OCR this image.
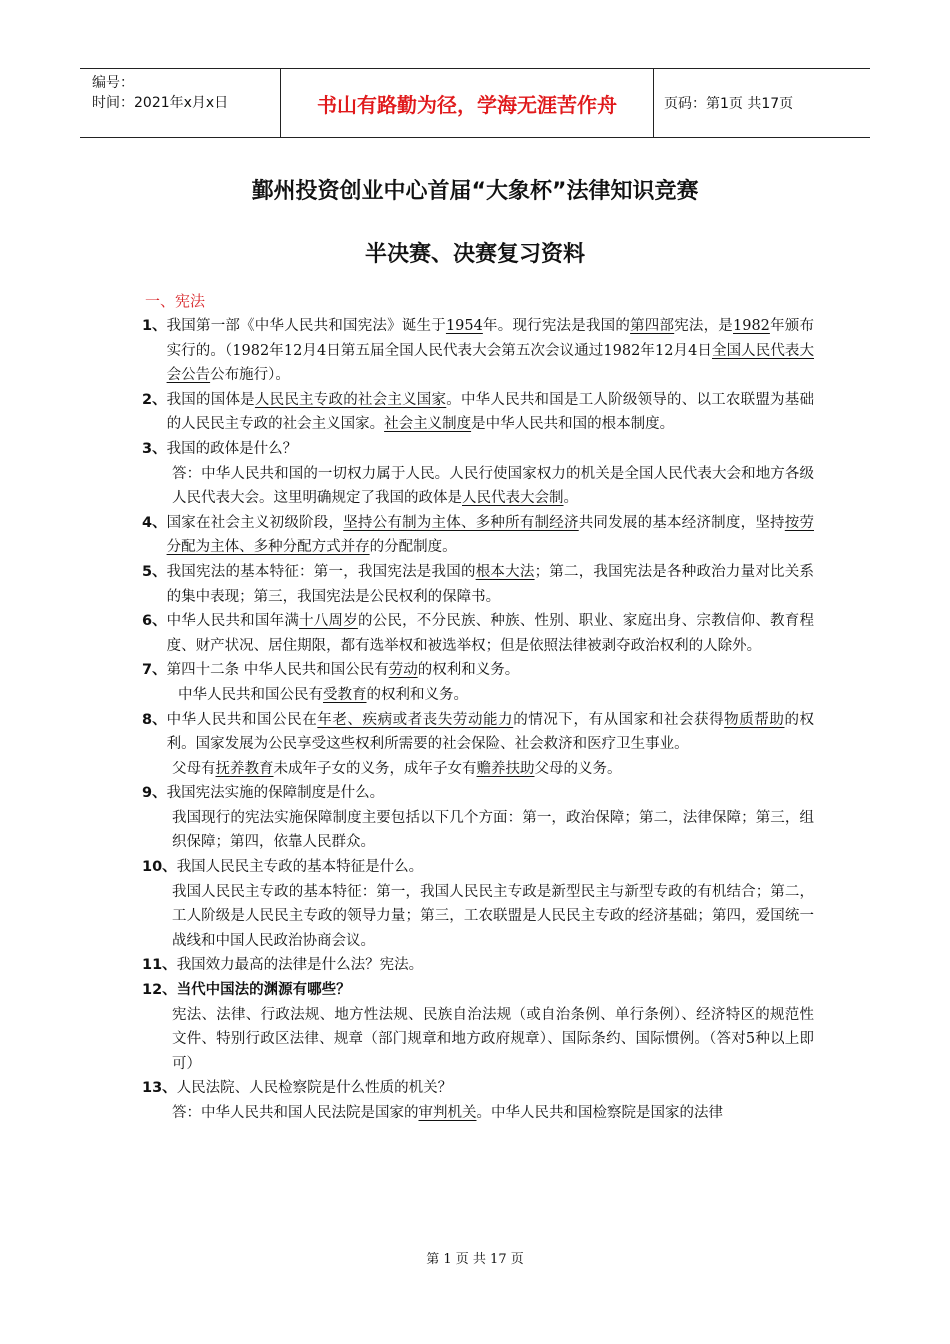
编号：
时间：2021年x月x日	书山有路勤为径，学海无涯苦作舟	页码：第1页 共17页
鄞州投资创业中心首届“大象杯”法律知识竞赛
半决赛、决赛复习资料
一、宪法
1、 我国第一部《中华人民共和国宪法》诞生于1954年。现行宪法是我国的第四部宪法，是1982年颁布实行的。（1982年12月4日第五届全国人民代表大会第五次会议通过1982年12月4日全国人民代表大会公告公布施行）。
2、 我国的国体是人民民主专政的社会主义国家。中华人民共和国是工人阶级领导的、以工农联盟为基础的人民民主专政的社会主义国家。社会主义制度是中华人民共和国的根本制度。
3、 我国的政体是什么？
答：中华人民共和国的一切权力属于人民。人民行使国家权力的机关是全国人民代表大会和地方各级人民代表大会。这里明确规定了我国的政体是人民代表大会制。
4、 国家在社会主义初级阶段，坚持公有制为主体、多种所有制经济共同发展的基本经济制度，坚持按劳分配为主体、多种分配方式并存的分配制度。
5、 我国宪法的基本特征：第一，我国宪法是我国的根本大法；第二，我国宪法是各种政治力量对比关系的集中表现；第三，我国宪法是公民权利的保障书。
6、 中华人民共和国年满十八周岁的公民，不分民族、种族、性别、职业、家庭出身、宗教信仰、教育程度、财产状况、居住期限，都有选举权和被选举权；但是依照法律被剥夺政治权利的人除外。
7、 第四十二条 中华人民共和国公民有劳动的权利和义务。
中华人民共和国公民有受教育的权利和义务。
8、 中华人民共和国公民在年老、疾病或者丧失劳动能力的情况下，有从国家和社会获得物质帮助的权利。国家发展为公民享受这些权利所需要的社会保险、社会救济和医疗卫生事业。
父母有抚养教育未成年子女的义务，成年子女有赡养扶助父母的义务。
9、 我国宪法实施的保障制度是什么。
我国现行的宪法实施保障制度主要包括以下几个方面：第一，政治保障；第二，法律保障；第三，组织保障；第四，依靠人民群众。
10、 我国人民民主专政的基本特征是什么。
我国人民民主专政的基本特征：第一，我国人民民主专政是新型民主与新型专政的有机结合；第二，工人阶级是人民民主专政的领导力量；第三，工农联盟是人民民主专政的经济基础；第四，爱国统一战线和中国人民政治协商会议。
11、 我国效力最高的法律是什么法？宪法。
12、 当代中国法的渊源有哪些？
宪法、法律、行政法规、地方性法规、民族自治法规（或自治条例、单行条例）、经济特区的规范性文件、特别行政区法律、规章（部门规章和地方政府规章）、国际条约、国际惯例。（答对5种以上即可）
13、 人民法院、人民检察院是什么性质的机关？
答：中华人民共和国人民法院是国家的审判机关。中华人民共和国检察院是国家的法律
第 1 页 共 17 页
